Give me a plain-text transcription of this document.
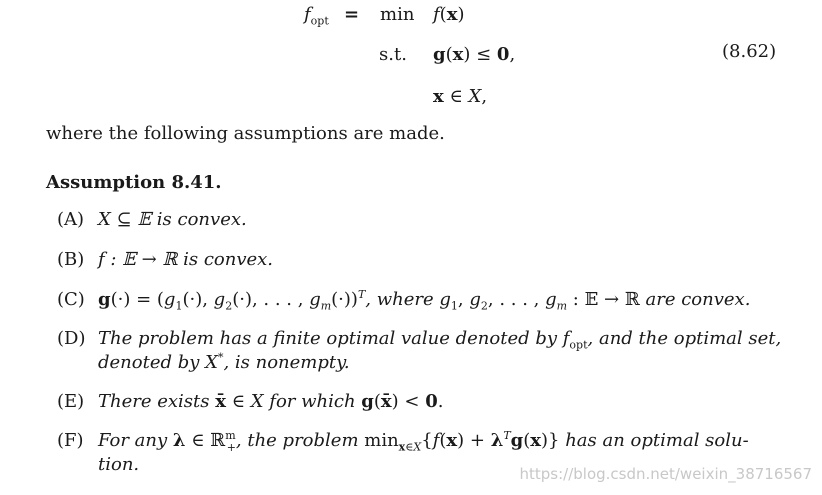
$f_{opt} = \min f(x)$
s.t. g(x) ≤ 0,
x ∈ X,
(8.62)
where the following assumptions are made.
Assumption 8.41.
(A) X ⊆ 𝔼 is convex.
(B) f : 𝔼 → ℝ is convex.
(C) $g(\cdot) = (g_1(\cdot)$, $g_2(\cdot)$, . . . , $g_m(\cdot))^T$, where $g_1$, $g_2$, . . . , $g_m$ : 𝔼 → ℝ are convex.
(D) The problem has a finite optimal value denoted by $f_{opt}$, and the optimal set,
denoted by X*, is nonempty.
(E) There exists x̄ ∈ X for which g(x̄) < 0.
(F) For any λ ∈ ℝ$^m_+$, the problem $\min_{x\in X}\{f(x) + \lambda^Tg(x)\}$ has an optimal solu-
tion.	https://blog.csdn.net/weixin_38716567
